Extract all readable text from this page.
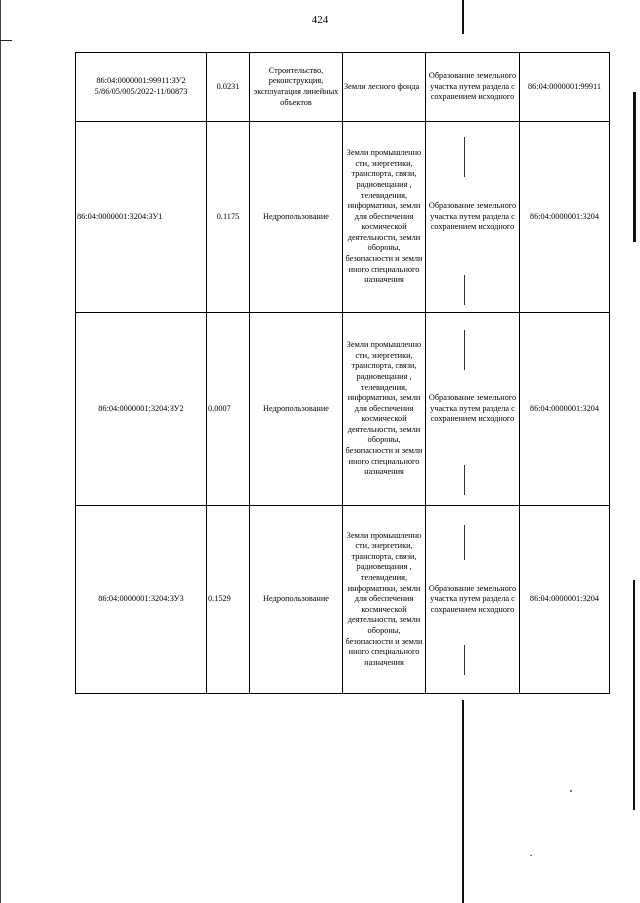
424
86:04:0000001:99911:ЗУ2 5/86/05/005/2022-11/00873	0.0231	Строительство, реконструкция, эксплуатация линейных объектов	Земли лесного фонда	Образование земельного участка путем раздела с сохранением исходного	86:04:0000001:99911
86:04:0000001:3204:ЗУ1	0.1175	Недропользование	Земли промышленно сти, энергетики, транспорта, связи, радиовещания , телевидения, информатики, земли для обеспечения космической деятельности, земли обороны, безопасности и земли иного специального назначения	Образование земельного участка путем раздела с сохранением исходного	86:04:0000001:3204
86:04:0000001:3204:ЗУ2	0.0007	Недропользование	Земли промышленно сти, энергетики, транспорта, связи, радиовещания , телевидения, информатики, земли для обеспечения космической деятельности, земли обороны, безопасности и земли иного специального назначения	Образование земельного участка путем раздела с сохранением исходного	86:04:0000001:3204
86:04:0000001:3204:ЗУ3	0.1529	Недропользование	Земли промышленно сти, энергетики, транспорта, связи, радиовещания , телевидения, информатики, земли для обеспечения космической деятельности, земли обороны, безопасности и земли иного специального назначения	Образование земельного участка путем раздела с сохранением исходного	86:04:0000001:3204
